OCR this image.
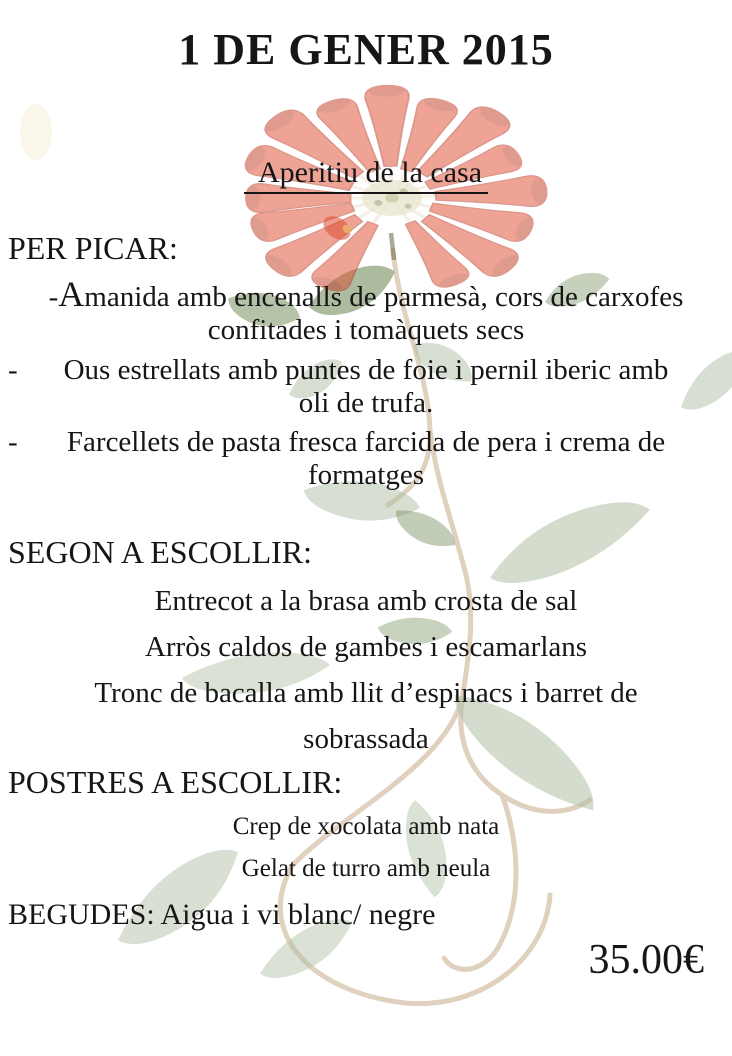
1 DE GENER 2015
Aperitiu de la casa
PER PICAR:
-Amanida amb encenalls de parmesà, cors de carxofes
confitades i tomàquets secs
- Ous estrellats amb puntes de foie i pernil iberic amb
oli de trufa.
- Farcellets de pasta fresca farcida de pera i crema de
formatges
SEGON A ESCOLLIR:
Entrecot a la brasa amb crosta de sal
Arròs caldos de gambes i escamarlans
Tronc de bacalla amb llit d’espinacs i barret de
sobrassada
POSTRES A ESCOLLIR:
Crep de xocolata amb nata
Gelat de turro amb neula
BEGUDES: Aigua i vi blanc/ negre
35.00€
